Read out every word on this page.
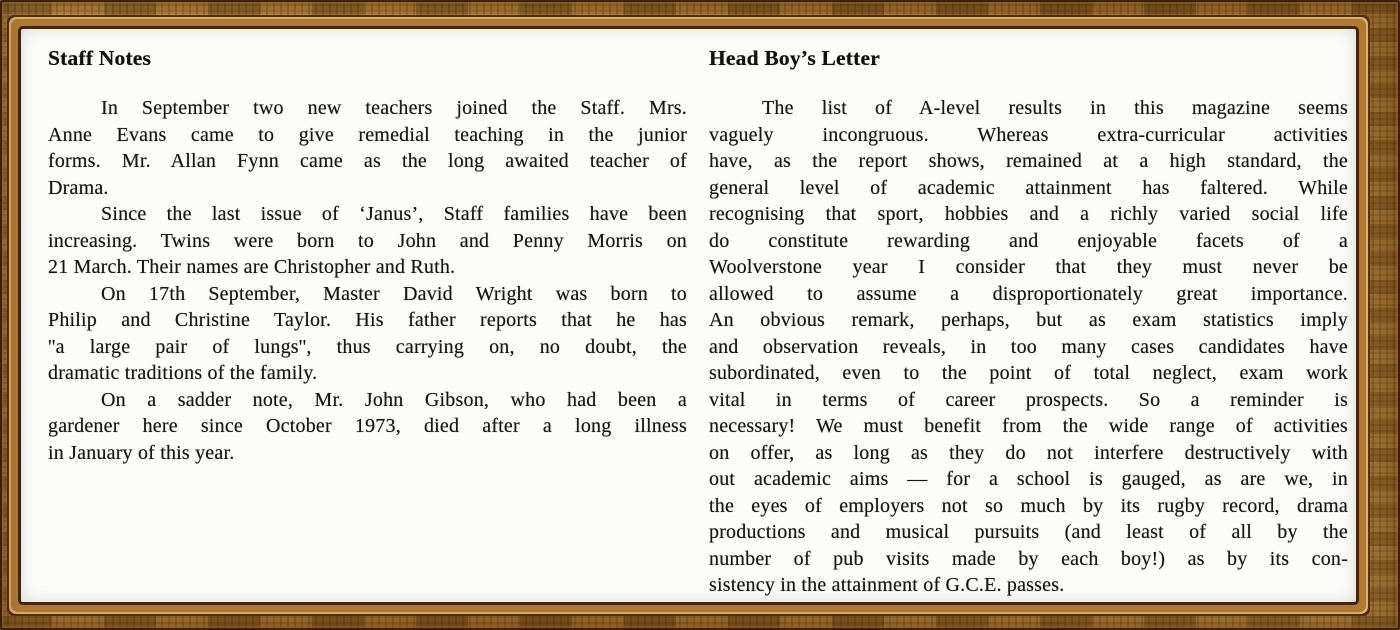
Staff Notes
In September two new teachers joined the Staff. Mrs.
Anne Evans came to give remedial teaching in the junior
forms. Mr. Allan Fynn came as the long awaited teacher of
Drama.
Since the last issue of ‘Janus’, Staff families have been
increasing. Twins were born to John and Penny Morris on
21 March. Their names are Christopher and Ruth.
On 17th September, Master David Wright was born to
Philip and Christine Taylor. His father reports that he has
''a large pair of lungs'', thus carrying on, no doubt, the
dramatic traditions of the family.
On a sadder note, Mr. John Gibson, who had been a
gardener here since October 1973, died after a long illness
in January of this year.
Head Boy’s Letter
The list of A-level results in this magazine seems
vaguely incongruous. Whereas extra-curricular activities
have, as the report shows, remained at a high standard, the
general level of academic attainment has faltered. While
recognising that sport, hobbies and a richly varied social life
do constitute rewarding and enjoyable facets of a
Woolverstone year I consider that they must never be
allowed to assume a disproportionately great importance.
An obvious remark, perhaps, but as exam statistics imply
and observation reveals, in too many cases candidates have
subordinated, even to the point of total neglect, exam work
vital in terms of career prospects. So a reminder is
necessary! We must benefit from the wide range of activities
on offer, as long as they do not interfere destructively with
out academic aims — for a school is gauged, as are we, in
the eyes of employers not so much by its rugby record, drama
productions and musical pursuits (and least of all by the
number of pub visits made by each boy!) as by its con-
sistency in the attainment of G.C.E. passes.
